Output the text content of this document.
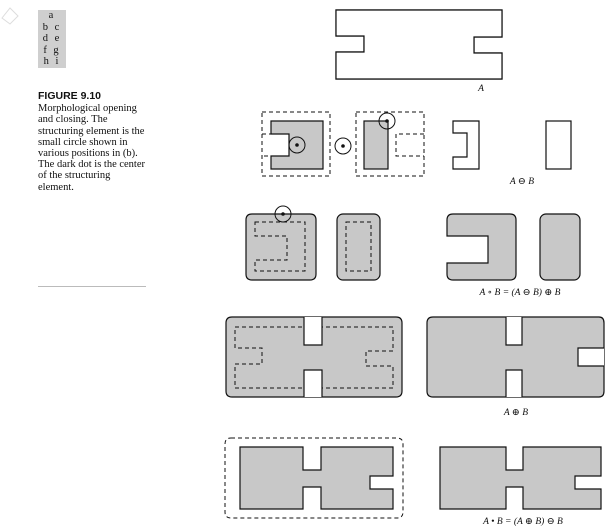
a
b c
d e
f g
h i
FIGURE 9.10
Morphological opening and closing. The structuring element is the small circle shown in various positions in (b). The dark dot is the center of the structuring element.
A
A ⊖ B
A ∘ B = (A ⊖ B) ⊕ B
A ⊕ B
A • B = (A ⊕ B) ⊖ B
